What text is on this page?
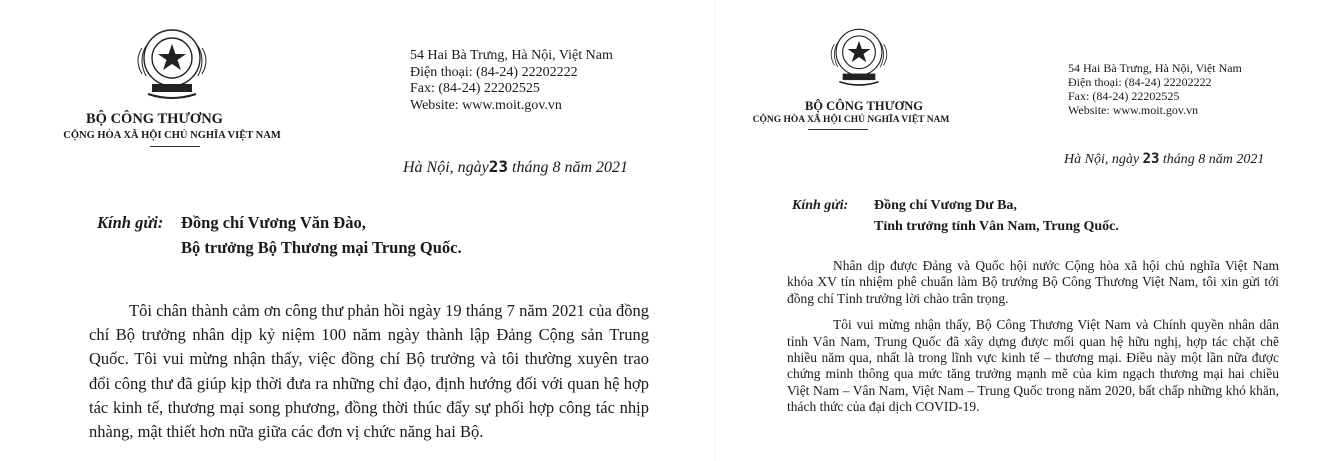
BỘ CÔNG THƯƠNG
CỘNG HÒA XÃ HỘI CHỦ NGHĨA VIỆT NAM
54 Hai Bà Trưng, Hà Nội, Việt Nam
Điện thoại: (84-24) 22202222
Fax: (84-24) 22202525
Website: www.moit.gov.vn
Hà Nội, ngày23 tháng 8 năm 2021
Kính gửi: Đồng chí Vương Văn Đào,
Bộ trưởng Bộ Thương mại Trung Quốc.

Tôi chân thành cảm ơn công thư phản hồi ngày 19 tháng 7 năm 2021 của đồng chí Bộ trưởng nhân dịp kỷ niệm 100 năm ngày thành lập Đảng Cộng sản Trung Quốc. Tôi vui mừng nhận thấy, việc đồng chí Bộ trưởng và tôi thường xuyên trao đổi công thư đã giúp kịp thời đưa ra những chỉ đạo, định hướng đối với quan hệ hợp tác kinh tế, thương mại song phương, đồng thời thúc đẩy sự phối hợp công tác nhịp nhàng, mật thiết hơn nữa giữa các đơn vị chức năng hai Bộ.

BỘ CÔNG THƯƠNG
CỘNG HÒA XÃ HỘI CHỦ NGHĨA VIỆT NAM
54 Hai Bà Trưng, Hà Nội, Việt Nam
Điện thoại: (84-24) 22202222
Fax: (84-24) 22202525
Website: www.moit.gov.vn
Hà Nội, ngày 23 tháng 8 năm 2021
Kính gửi: Đồng chí Vương Dư Ba,
Tỉnh trưởng tỉnh Vân Nam, Trung Quốc.

Nhân dịp được Đảng và Quốc hội nước Cộng hòa xã hội chủ nghĩa Việt Nam khóa XV tín nhiệm phê chuẩn làm Bộ trưởng Bộ Công Thương Việt Nam, tôi xin gửi tới đồng chí Tỉnh trưởng lời chào trân trọng.

Tôi vui mừng nhận thấy, Bộ Công Thương Việt Nam và Chính quyền nhân dân tỉnh Vân Nam, Trung Quốc đã xây dựng được mối quan hệ hữu nghị, hợp tác chặt chẽ nhiều năm qua, nhất là trong lĩnh vực kinh tế – thương mại. Điều này một lần nữa được chứng minh thông qua mức tăng trưởng mạnh mẽ của kim ngạch thương mại hai chiều Việt Nam – Vân Nam, Việt Nam – Trung Quốc trong năm 2020, bất chấp những khó khăn, thách thức của đại dịch COVID-19.
